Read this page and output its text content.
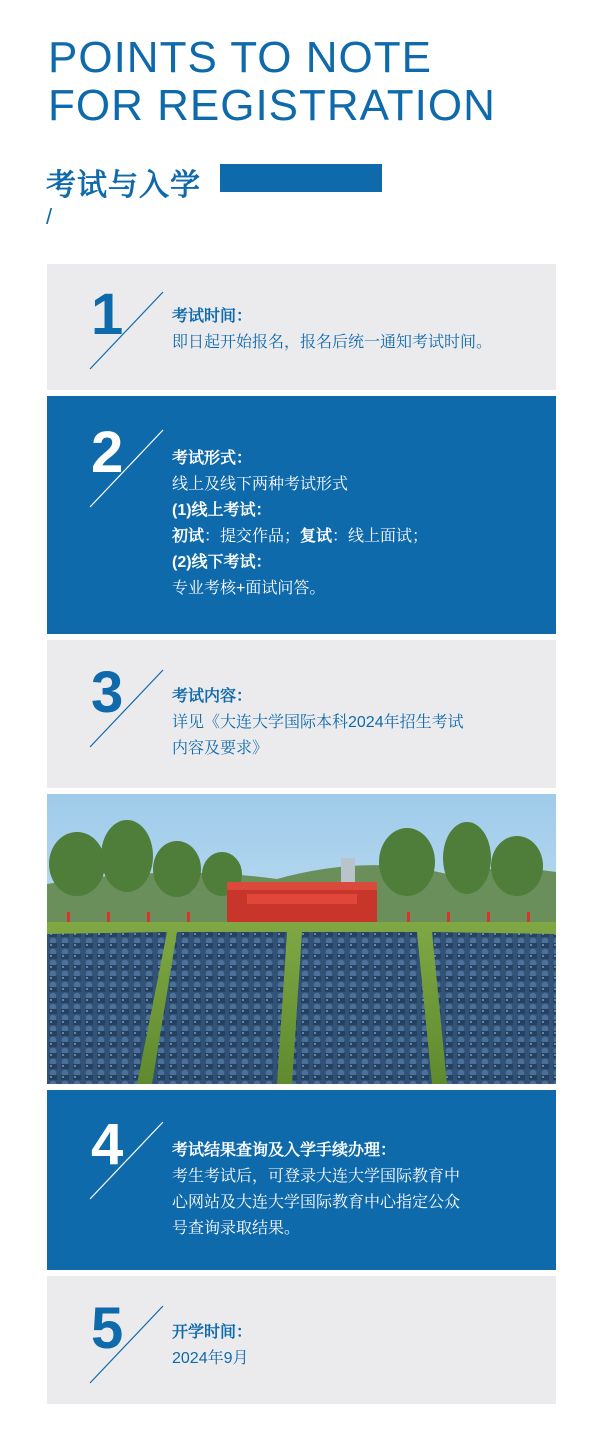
POINTS TO NOTE
FOR REGISTRATION
考试与入学
/
1	考试时间：
即日起开始报名，报名后统一通知考试时间。
2	考试形式：
线上及线下两种考试形式
(1)线上考试：
初试：提交作品；复试：线上面试；
(2)线下考试：
专业考核+面试问答。
3	考试内容：
详见《大连大学国际本科2024年招生考试
内容及要求》
4	考试结果查询及入学手续办理：
考生考试后，可登录大连大学国际教育中
心网站及大连大学国际教育中心指定公众
号查询录取结果。
5	开学时间：
2024年9月
